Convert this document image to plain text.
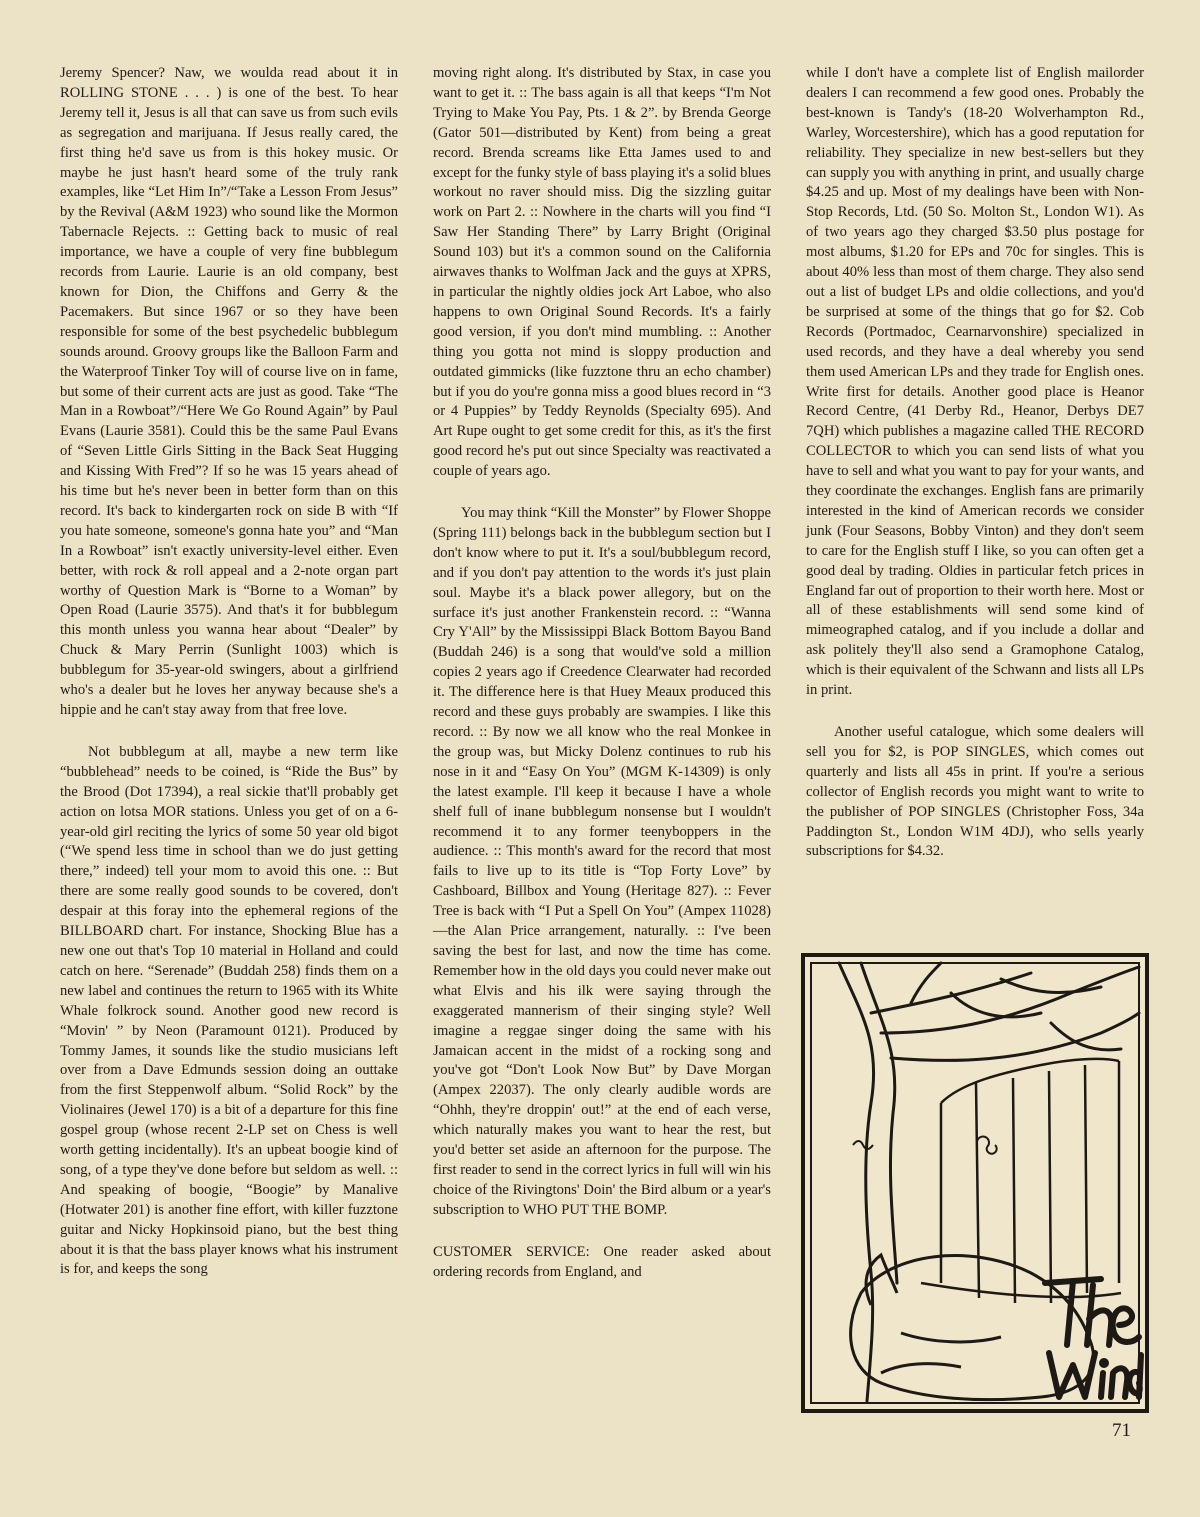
Jeremy Spencer? Naw, we woulda read about it in ROLLING STONE . . . ) is one of the best. To hear Jeremy tell it, Jesus is all that can save us from such evils as segregation and marijuana. If Jesus really cared, the first thing he'd save us from is this hokey music. Or maybe he just hasn't heard some of the truly rank examples, like “Let Him In”/“Take a Lesson From Jesus” by the Revival (A&M 1923) who sound like the Mormon Tabernacle Rejects. :: Getting back to music of real importance, we have a couple of very fine bubblegum records from Laurie. Laurie is an old company, best known for Dion, the Chiffons and Gerry & the Pacemakers. But since 1967 or so they have been responsible for some of the best psychedelic bubblegum sounds around. Groovy groups like the Balloon Farm and the Waterproof Tinker Toy will of course live on in fame, but some of their current acts are just as good. Take “The Man in a Rowboat”/“Here We Go Round Again” by Paul Evans (Laurie 3581). Could this be the same Paul Evans of “Seven Little Girls Sitting in the Back Seat Hugging and Kissing With Fred”? If so he was 15 years ahead of his time but he's never been in better form than on this record. It's back to kindergarten rock on side B with “If you hate someone, someone's gonna hate you” and “Man In a Rowboat” isn't exactly university-level either. Even better, with rock & roll appeal and a 2-note organ part worthy of Question Mark is “Borne to a Woman” by Open Road (Laurie 3575). And that's it for bubblegum this month unless you wanna hear about “Dealer” by Chuck & Mary Perrin (Sunlight 1003) which is bubblegum for 35-year-old swingers, about a girlfriend who's a dealer but he loves her anyway because she's a hippie and he can't stay away from that free love.

Not bubblegum at all, maybe a new term like “bubblehead” needs to be coined, is “Ride the Bus” by the Brood (Dot 17394), a real sickie that'll probably get action on lotsa MOR stations. Unless you get of on a 6-year-old girl reciting the lyrics of some 50 year old bigot (“We spend less time in school than we do just getting there,” indeed) tell your mom to avoid this one. :: But there are some really good sounds to be covered, don't despair at this foray into the ephemeral regions of the BILLBOARD chart. For instance, Shocking Blue has a new one out that's Top 10 material in Holland and could catch on here. “Serenade” (Buddah 258) finds them on a new label and continues the return to 1965 with its White Whale folkrock sound. Another good new record is “Movin' ” by Neon (Paramount 0121). Produced by Tommy James, it sounds like the studio musicians left over from a Dave Edmunds session doing an outtake from the first Steppenwolf album. “Solid Rock” by the Violinaires (Jewel 170) is a bit of a departure for this fine gospel group (whose recent 2-LP set on Chess is well worth getting incidentally). It's an upbeat boogie kind of song, of a type they've done before but seldom as well. :: And speaking of boogie, “Boogie” by Manalive (Hotwater 201) is another fine effort, with killer fuzztone guitar and Nicky Hopkinsoid piano, but the best thing about it is that the bass player knows what his instrument is for, and keeps the song

moving right along. It's distributed by Stax, in case you want to get it. :: The bass again is all that keeps “I'm Not Trying to Make You Pay, Pts. 1 & 2”. by Brenda George (Gator 501—distributed by Kent) from being a great record. Brenda screams like Etta James used to and except for the funky style of bass playing it's a solid blues workout no raver should miss. Dig the sizzling guitar work on Part 2. :: Nowhere in the charts will you find “I Saw Her Standing There” by Larry Bright (Original Sound 103) but it's a common sound on the California airwaves thanks to Wolfman Jack and the guys at XPRS, in particular the nightly oldies jock Art Laboe, who also happens to own Original Sound Records. It's a fairly good version, if you don't mind mumbling. :: Another thing you gotta not mind is sloppy production and outdated gimmicks (like fuzztone thru an echo chamber) but if you do you're gonna miss a good blues record in “3 or 4 Puppies” by Teddy Reynolds (Specialty 695). And Art Rupe ought to get some credit for this, as it's the first good record he's put out since Specialty was reactivated a couple of years ago.

You may think “Kill the Monster” by Flower Shoppe (Spring 111) belongs back in the bubblegum section but I don't know where to put it. It's a soul/bubblegum record, and if you don't pay attention to the words it's just plain soul. Maybe it's a black power allegory, but on the surface it's just another Frankenstein record. :: “Wanna Cry Y'All” by the Mississippi Black Bottom Bayou Band (Buddah 246) is a song that would've sold a million copies 2 years ago if Creedence Clearwater had recorded it. The difference here is that Huey Meaux produced this record and these guys probably are swampies. I like this record. :: By now we all know who the real Monkee in the group was, but Micky Dolenz continues to rub his nose in it and “Easy On You” (MGM K-14309) is only the latest example. I'll keep it because I have a whole shelf full of inane bubblegum nonsense but I wouldn't recommend it to any former teenyboppers in the audience. :: This month's award for the record that most fails to live up to its title is “Top Forty Love” by Cashboard, Billbox and Young (Heritage 827). :: Fever Tree is back with “I Put a Spell On You” (Ampex 11028)—the Alan Price arrangement, naturally. :: I've been saving the best for last, and now the time has come. Remember how in the old days you could never make out what Elvis and his ilk were saying through the exaggerated mannerism of their singing style? Well imagine a reggae singer doing the same with his Jamaican accent in the midst of a rocking song and you've got “Don't Look Now But” by Dave Morgan (Ampex 22037). The only clearly audible words are “Ohhh, they're droppin' out!” at the end of each verse, which naturally makes you want to hear the rest, but you'd better set aside an afternoon for the purpose. The first reader to send in the correct lyrics in full will win his choice of the Rivingtons' Doin' the Bird album or a year's subscription to WHO PUT THE BOMP.

CUSTOMER SERVICE: One reader asked about ordering records from England, and

while I don't have a complete list of English mailorder dealers I can recommend a few good ones. Probably the best-known is Tandy's (18-20 Wolverhampton Rd., Warley, Worcestershire), which has a good reputation for reliability. They specialize in new best-sellers but they can supply you with anything in print, and usually charge $4.25 and up. Most of my dealings have been with Non-Stop Records, Ltd. (50 So. Molton St., London W1). As of two years ago they charged $3.50 plus postage for most albums, $1.20 for EPs and 70c for singles. This is about 40% less than most of them charge. They also send out a list of budget LPs and oldie collections, and you'd be surprised at some of the things that go for $2. Cob Records (Portmadoc, Cearnarvonshire) specialized in used records, and they have a deal whereby you send them used American LPs and they trade for English ones. Write first for details. Another good place is Heanor Record Centre, (41 Derby Rd., Heanor, Derbys DE7 7QH) which publishes a magazine called THE RECORD COLLECTOR to which you can send lists of what you have to sell and what you want to pay for your wants, and they coordinate the exchanges. English fans are primarily interested in the kind of American records we consider junk (Four Seasons, Bobby Vinton) and they don't seem to care for the English stuff I like, so you can often get a good deal by trading. Oldies in particular fetch prices in England far out of proportion to their worth here. Most or all of these establishments will send some kind of mimeographed catalog, and if you include a dollar and ask politely they'll also send a Gramophone Catalog, which is their equivalent of the Schwann and lists all LPs in print.

Another useful catalogue, which some dealers will sell you for $2, is POP SINGLES, which comes out quarterly and lists all 45s in print. If you're a serious collector of English records you might want to write to the publisher of POP SINGLES (Christopher Foss, 34a Paddington St., London W1M 4DJ), who sells yearly subscriptions for $4.32.

71
